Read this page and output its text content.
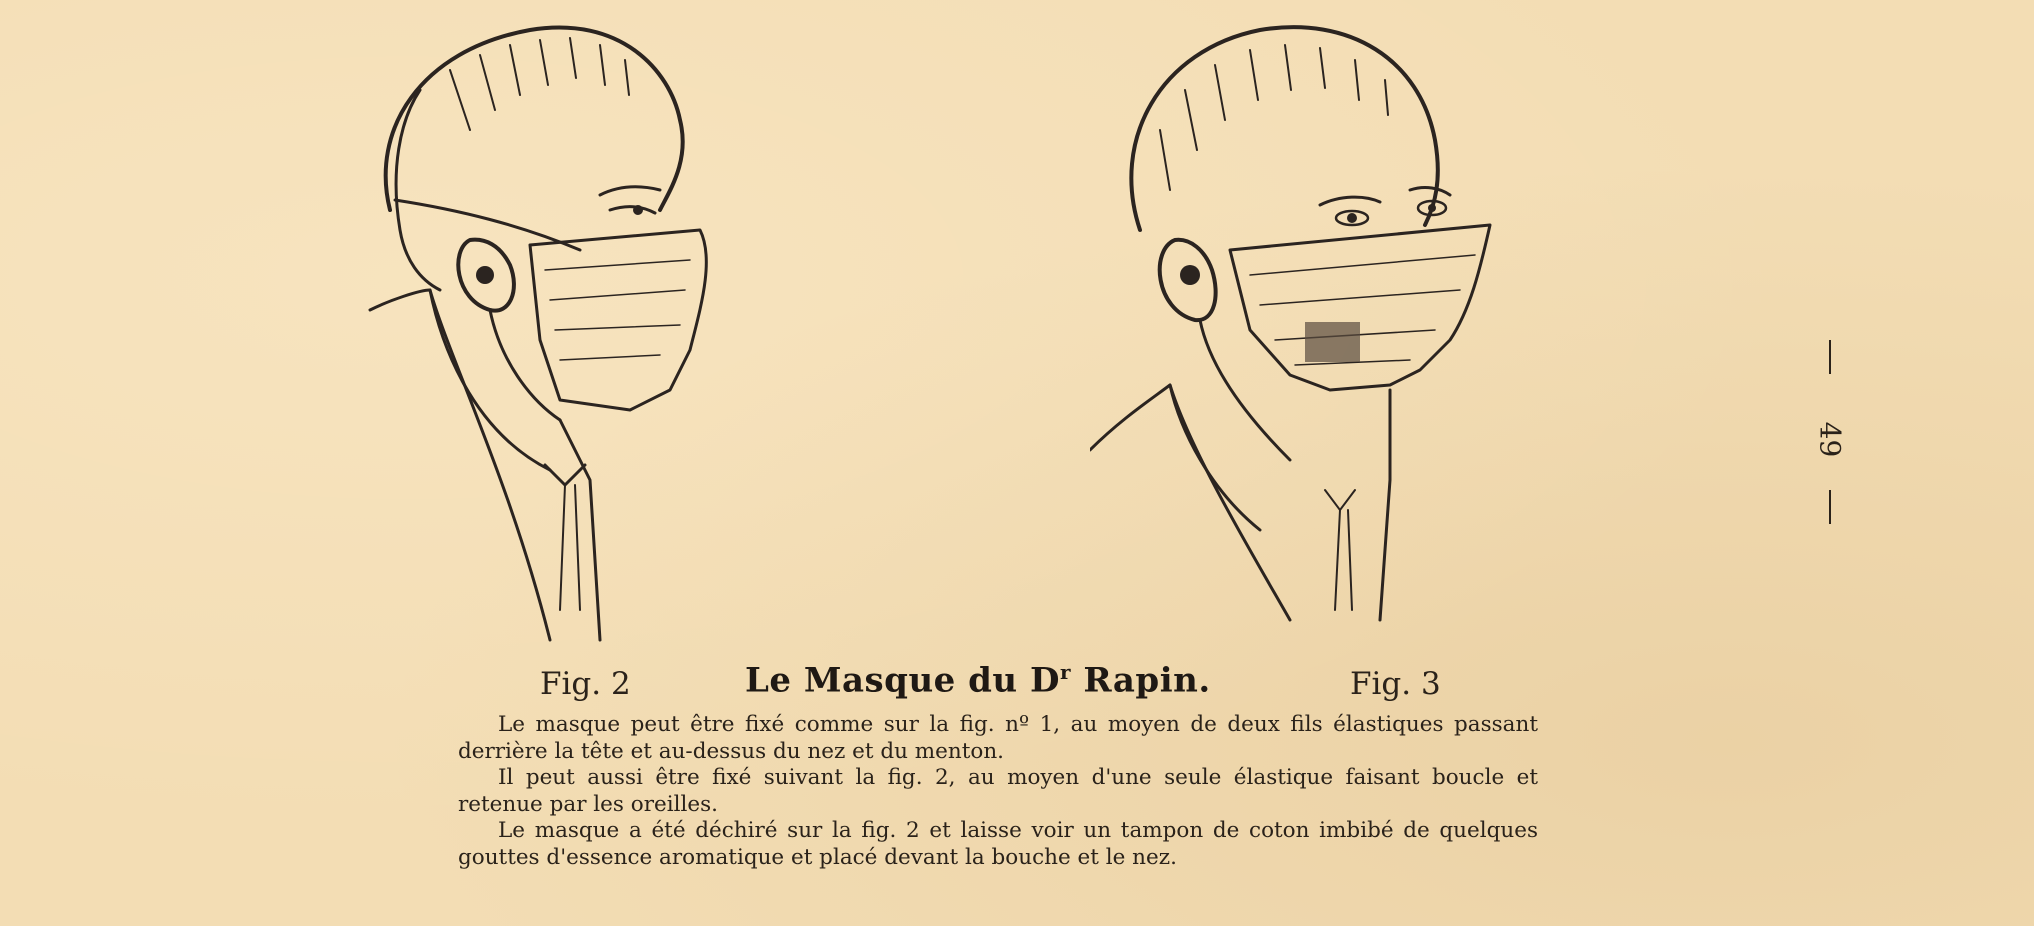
Fig. 2	Le Masque du $D^r$ Rapin.	Fig. 3

Le masque peut être fixé comme sur la fig. nº 1, au moyen de deux fils élastiques passant derrière la tête et au-dessus du nez et du menton.

Il peut aussi être fixé suivant la fig. 2, au moyen d'une seule élastique faisant boucle et retenue par les oreilles.

Le masque a été déchiré sur la fig. 2 et laisse voir un tampon de coton imbibé de quelques gouttes d'essence aromatique et placé devant la bouche et le nez.

49
